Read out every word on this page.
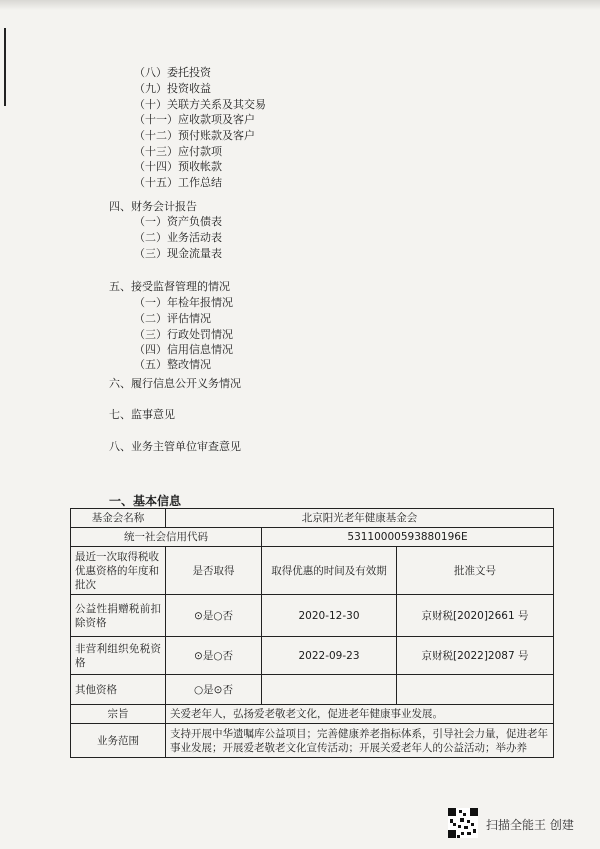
（八）委托投资
（九）投资收益
（十）关联方关系及其交易
（十一）应收款项及客户
（十二）预付账款及客户
（十三）应付款项
（十四）预收帐款
（十五）工作总结
四、财务会计报告
（一）资产负债表
（二）业务活动表
（三）现金流量表
五、接受监督管理的情况
（一）年检年报情况
（二）评估情况
（三）行政处罚情况
（四）信用信息情况
（五）整改情况
六、履行信息公开义务情况
七、监事意见
八、业务主管单位审查意见
一、基本信息
基金会名称	北京阳光老年健康基金会		
统一社会信用代码		53110000593880196E	
最近一次取得税收优惠资格的年度和批次	是否取得	取得优惠的时间及有效期	批准文号
公益性捐赠税前扣除资格	⊙是○否	2020-12-30	京财税[2020]2661 号
非营利组织免税资格	⊙是○否	2022-09-23	京财税[2022]2087 号
其他资格	○是⊙否		
宗旨	关爱老年人，弘扬爱老敬老文化，促进老年健康事业发展。		
业务范围	支持开展中华遗嘱库公益项目；完善健康养老指标体系，引导社会力量，促进老年事业发展；开展爱老敬老文化宣传活动；开展关爱老年人的公益活动；举办养		
扫描全能王 创建
